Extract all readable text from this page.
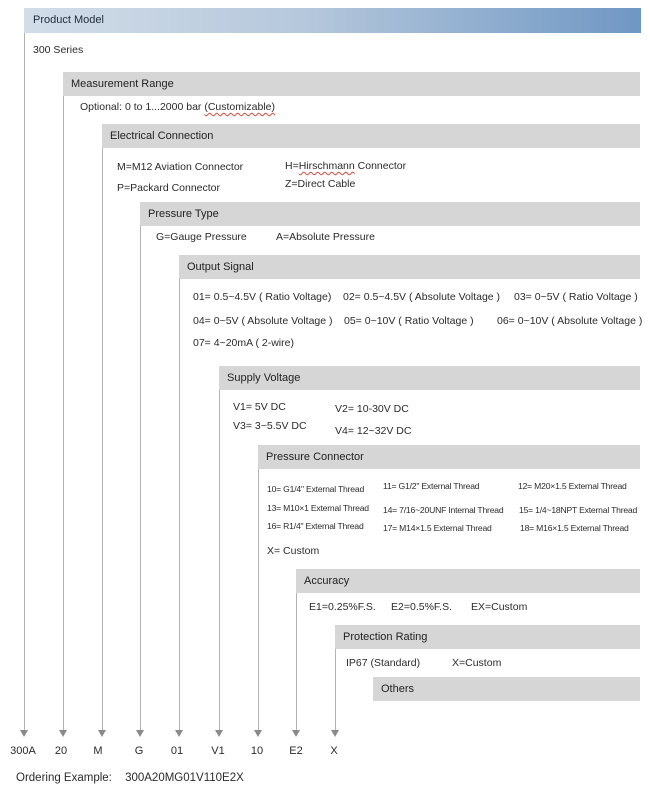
Product Model
300 Series
Measurement Range
Optional: 0 to 1...2000 bar (Customizable)
Electrical Connection
M=M12 Aviation Connector	H=Hirschmann Connector
P=Packard Connector	Z=Direct Cable
Pressure Type
G=Gauge Pressure	A=Absolute Pressure
Output Signal
01= 0.5~4.5V ( Ratio Voltage) 02= 0.5~4.5V ( Absolute Voltage ) 03= 0~5V ( Ratio Voltage )
04= 0~5V ( Absolute Voltage ) 05= 0~10V ( Ratio Voltage ) 06= 0~10V ( Absolute Voltage )
07= 4~20mA ( 2-wire)
Supply Voltage
V1= 5V DC	V2= 10-30V DC
V3= 3~5.5V DC	V4= 12~32V DC
Pressure Connector
10= G1/4" External Thread 11= G1/2" External Thread	12= M20×1.5 External Thread
13= M10×1 External Thread 14= 7/16~20UNF Internal Thread 15= 1/4~18NPT External Thread
16= R1/4" External Thread 17= M14×1.5 External Thread	18= M16×1.5 External Thread
X= Custom
Accuracy
E1=0.25%F.S. E2=0.5%F.S. EX=Custom
Protection Rating
IP67 (Standard)	X=Custom
Others
300A 20 M	G	01	V1 10 E2	X
Ordering Example: 300A20MG01V110E2X
